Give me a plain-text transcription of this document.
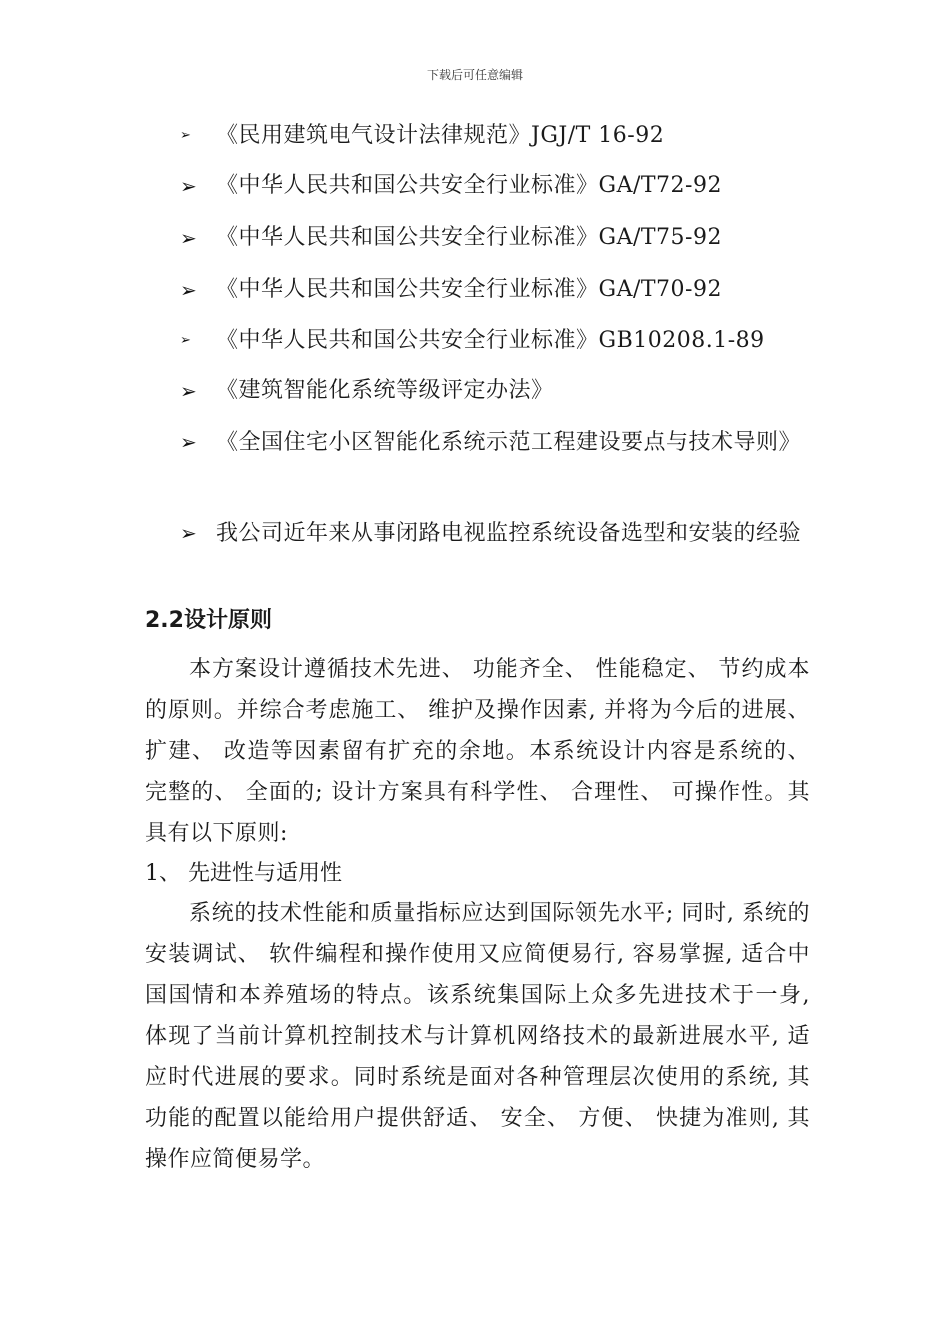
下载后可任意编辑
➢	《民用建筑电气设计法律规范》JGJ/T 16-92
➢ 《中华人民共和国公共安全行业标准》GA/T72-92
➢ 《中华人民共和国公共安全行业标准》GA/T75-92
➢ 《中华人民共和国公共安全行业标准》GA/T70-92
➢	《中华人民共和国公共安全行业标准》GB10208.1-89
➢ 《建筑智能化系统等级评定办法》
➢ 《全国住宅小区智能化系统示范工程建设要点与技术导则》
➢ 我公司近年来从事闭路电视监控系统设备选型和安装的经验
2.2设计原则
本方案设计遵循技术先进、 功能齐全、 性能稳定、 节约成本的原则。并综合考虑施工、 维护及操作因素, 并将为今后的进展、 扩建、 改造等因素留有扩充的余地。本系统设计内容是系统的、 完整的、 全面的; 设计方案具有科学性、 合理性、 可操作性。其具有以下原则:
1、 先进性与适用性
系统的技术性能和质量指标应达到国际领先水平; 同时, 系统的安装调试、 软件编程和操作使用又应简便易行, 容易掌握, 适合中国国情和本养殖场的特点。该系统集国际上众多先进技术于一身, 体现了当前计算机控制技术与计算机网络技术的最新进展水平, 适应时代进展的要求。同时系统是面对各种管理层次使用的系统, 其功能的配置以能给用户提供舒适、 安全、 方便、 快捷为准则, 其操作应简便易学。
